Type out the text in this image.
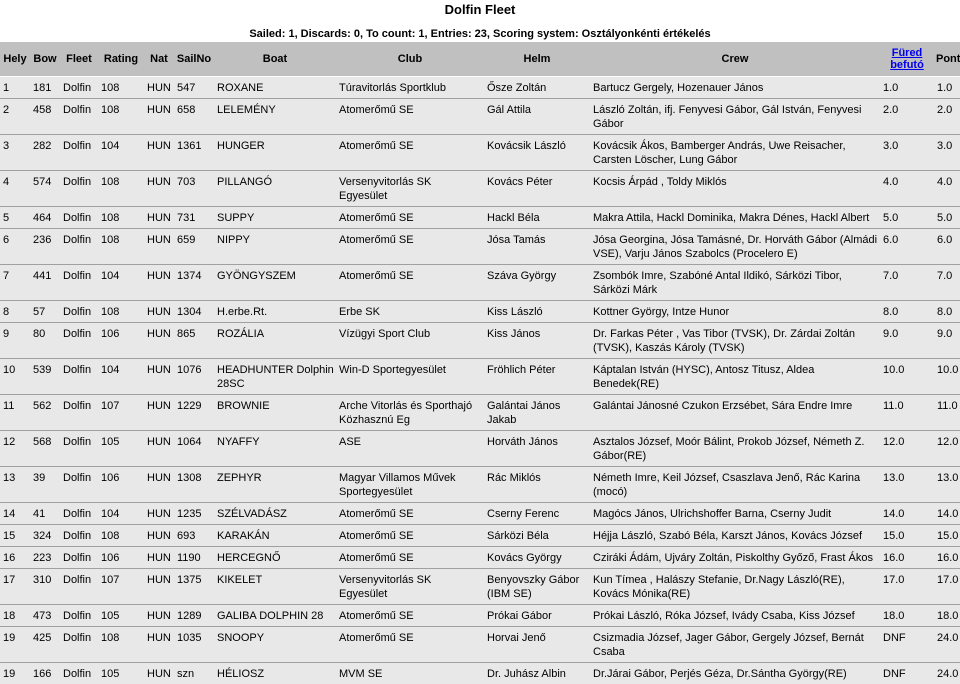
Dolfin Fleet
Sailed: 1, Discards: 0, To count: 1, Entries: 23, Scoring system: Osztályonkénti értékelés
Hely	Bow	Fleet	Rating	Nat	SailNo	Boat	Club	Helm	Crew	Füred befutó	Pont
1	181	Dolfin	108	HUN	547	ROXANE	Túravitorlás Sportklub	Ősze Zoltán	Bartucz Gergely, Hozenauer János	1.0	1.0
2	458	Dolfin	108	HUN	658	LELEMÉNY	Atomerőmű SE	Gál Attila	László Zoltán, ifj. Fenyvesi Gábor, Gál István, Fenyvesi Gábor	2.0	2.0
3	282	Dolfin	104	HUN	1361	HUNGER	Atomerőmű SE	Kovácsik László	Kovácsik Ákos, Bamberger András, Uwe Reisacher, Carsten Löscher, Lung Gábor	3.0	3.0
4	574	Dolfin	108	HUN	703	PILLANGÓ	Versenyvitorlás SK Egyesület	Kovács Péter	Kocsis Árpád , Toldy Miklós	4.0	4.0
5	464	Dolfin	108	HUN	731	SUPPY	Atomerőmű SE	Hackl Béla	Makra Attila, Hackl Dominika, Makra Dénes, Hackl Albert	5.0	5.0
6	236	Dolfin	108	HUN	659	NIPPY	Atomerőmű SE	Jósa Tamás	Jósa Georgina, Jósa Tamásné, Dr. Horváth Gábor (Almádi VSE), Varju János Szabolcs (Procelero E)	6.0	6.0
7	441	Dolfin	104	HUN	1374	GYÖNGYSZEM	Atomerőmű SE	Száva György	Zsombók Imre, Szabóné Antal Ildikó, Sárközi Tibor, Sárközi Márk	7.0	7.0
8	57	Dolfin	108	HUN	1304	H.erbe.Rt.	Erbe SK	Kiss László	Kottner György, Intze Hunor	8.0	8.0
9	80	Dolfin	106	HUN	865	ROZÁLIA	Vízügyi Sport Club	Kiss János	Dr. Farkas Péter , Vas Tibor (TVSK), Dr. Zárdai Zoltán (TVSK), Kaszás Károly (TVSK)	9.0	9.0
10	539	Dolfin	104	HUN	1076	HEADHUNTER Dolphin 28SC	Win-D Sportegyesület	Fröhlich Péter	Káptalan István (HYSC), Antosz Titusz, Aldea Benedek(RE)	10.0	10.0
11	562	Dolfin	107	HUN	1229	BROWNIE	Arche Vitorlás és Sporthajó Közhasznú Eg	Galántai János Jakab	Galántai Jánosné Czukon Erzsébet, Sára Endre Imre	11.0	11.0
12	568	Dolfin	105	HUN	1064	NYAFFY	ASE	Horváth János	Asztalos József, Moór Bálint, Prokob József, Németh Z. Gábor(RE)	12.0	12.0
13	39	Dolfin	106	HUN	1308	ZEPHYR	Magyar Villamos Művek Sportegyesület	Rác Miklós	Németh Imre, Keil József, Csaszlava Jenő, Rác Karina (mocó)	13.0	13.0
14	41	Dolfin	104	HUN	1235	SZÉLVADÁSZ	Atomerőmű SE	Cserny Ferenc	Magócs János, Ulrichshoffer Barna, Cserny Judit	14.0	14.0
15	324	Dolfin	108	HUN	693	KARAKÁN	Atomerőmű SE	Sárközi Béla	Héjja László, Szabó Béla, Karszt János, Kovács József	15.0	15.0
16	223	Dolfin	106	HUN	1190	HERCEGNŐ	Atomerőmű SE	Kovács György	Cziráki Ádám, Ujváry Zoltán, Piskolthy Győző, Frast Ákos	16.0	16.0
17	310	Dolfin	107	HUN	1375	KIKELET	Versenyvitorlás SK Egyesület	Benyovszky Gábor (IBM SE)	Kun Tímea , Halászy Stefanie, Dr.Nagy László(RE), Kovács Mónika(RE)	17.0	17.0
18	473	Dolfin	105	HUN	1289	GALIBA DOLPHIN 28	Atomerőmű SE	Prókai Gábor	Prókai László, Róka József, Ivády Csaba, Kiss József	18.0	18.0
19	425	Dolfin	108	HUN	1035	SNOOPY	Atomerőmű SE	Horvai Jenő	Csizmadia József, Jager Gábor, Gergely József, Bernát Csaba	DNF	24.0
19	166	Dolfin	105	HUN	szn	HÉLIOSZ	MVM SE	Dr. Juhász Albin	Dr.Járai Gábor, Perjés Géza, Dr.Sántha György(RE)	DNF	24.0
